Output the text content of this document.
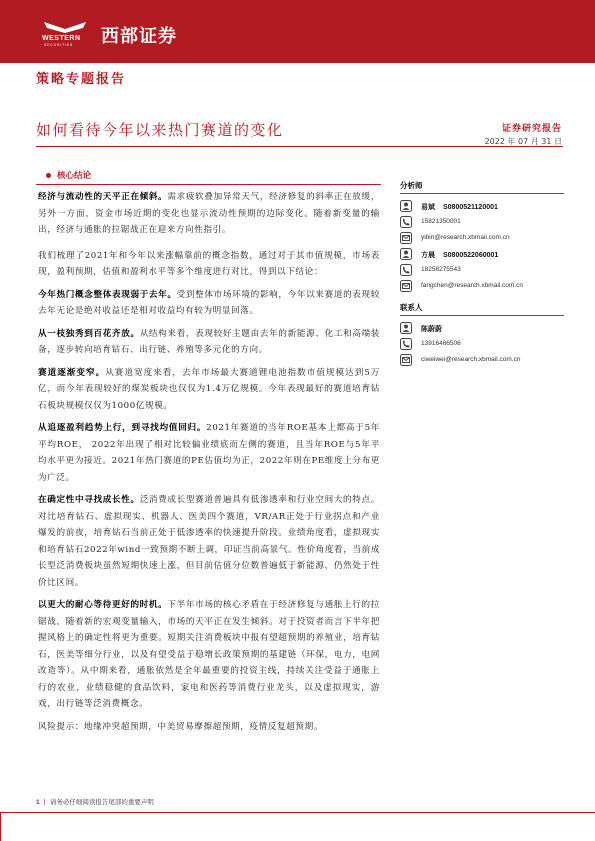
WESTERN
SECURITIES 西部证券
策略专题报告
如何看待今年以来热门赛道的变化	证券研究报告
2022 年 07 月 31 日
核心结论

经济与流动性的天平正在倾斜。需求疲软叠加异常天气，经济修复的斜率正在放缓，另外一方面，资金市场近期的变化也显示流动性预期的边际变化。随着新变量的输出，经济与通胀的拉锯战正在迎来方向性指引。

我们梳理了2021年和今年以来涨幅靠前的概念指数，通过对于其市值规模，市场表现，盈利预期，估值和盈利水平等多个维度进行对比，得到以下结论：

今年热门概念整体表现弱于去年。受到整体市场环境的影响，今年以来赛道的表现较去年无论是绝对收益还是相对收益均有较为明显回落。

从一枝独秀到百花齐放。从结构来看，表现较好主题由去年的新能源、化工和高端装备，逐步转向培育钻石、出行链、养殖等多元化的方向。

赛道逐渐变窄。从赛道宽度来看，去年市场最大赛道锂电池指数市值规模达到5万亿，而今年表现较好的煤炭板块也仅仅为1.4万亿规模。今年表现最好的赛道培育钻石板块规模仅仅为1000亿规模。

从追逐盈利趋势上行，到寻找均值回归。2021年赛道的当年ROE基本上都高于5年平均ROE， 2022年出现了相对比较偏业绩底而左侧的赛道，且当年ROE与5年平均水平更为接近。2021年热门赛道的PE估值均为正，2022年则在PE维度上分布更为广泛。

在确定性中寻找成长性。泛消费成长型赛道普遍具有低渗透率和行业空间大的特点。对比培育钻石、虚拟现实、机器人、医美四个赛道，VR/AR正处于行业拐点和产业爆发的前夜，培育钻石当前正处于低渗透率的快速提升阶段。业绩角度看，虚拟现实和培育钻石2022年wind一致预期不断上调，印证当前高景气。性价角度看，当前成长型泛消费板块虽然短期快速上涨，但目前估值分位数普遍低于新能源，仍然处于性价比区间。

以更大的耐心等待更好的时机。下半年市场的核心矛盾在于经济修复与通胀上行的拉锯战，随着新的宏观变量输入，市场的天平正在发生倾斜。对于投资者而言下半年把握风格上的确定性将更为重要。短期关注消费板块中报有望超预期的养殖业，培育钻石，医美等细分行业，以及有望受益于稳增长政策预期的基建链（环保，电力，电网改造等）。从中期来看，通胀依然是全年最重要的投资主线，持续关注受益于通胀上行的农业，业绩稳健的食品饮料，家电和医药等消费行业龙头，以及虚拟现实，游戏，出行链等泛消费概念。

风险提示：地缘冲突超预期，中美贸易摩擦超预期，疫情反复超预期。

分析师
易斌 S0800521120001
15821350001
yibin@research.xbmail.com.cn
方晨 S0800522060001
18258275543
fangchen@research.xbmail.com.cn
联系人
陈蔚蔚
13916466506
ciweiwei@research.xbmail.com.cn
1 | 请务必仔细阅读报告尾部的重要声明
